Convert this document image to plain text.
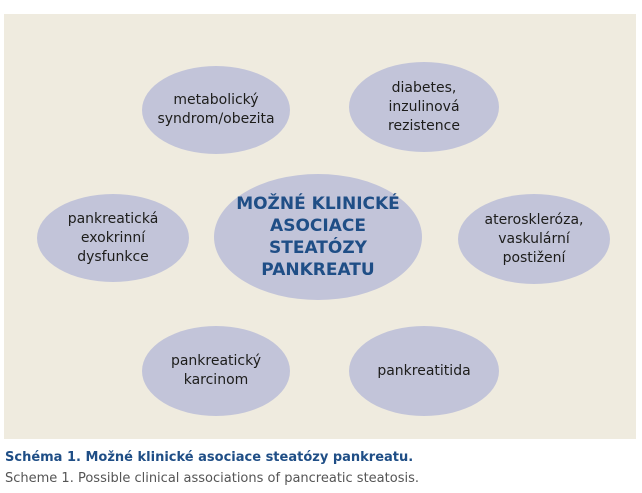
metabolický
syndrom/obezita
diabetes, inzulinová
rezistence
pankreatická
exokrinní dysfunkce
MOŽNÉ KLINICKÉ
ASOCIACE STEATÓZY
PANKREATU
ateroskleróza,
vaskulární postižení
pankreatický
karcinom
pankreatitida
Schéma 1. Možné klinické asociace steatózy pankreatu.
Scheme 1. Possible clinical associations of pancreatic steatosis.
